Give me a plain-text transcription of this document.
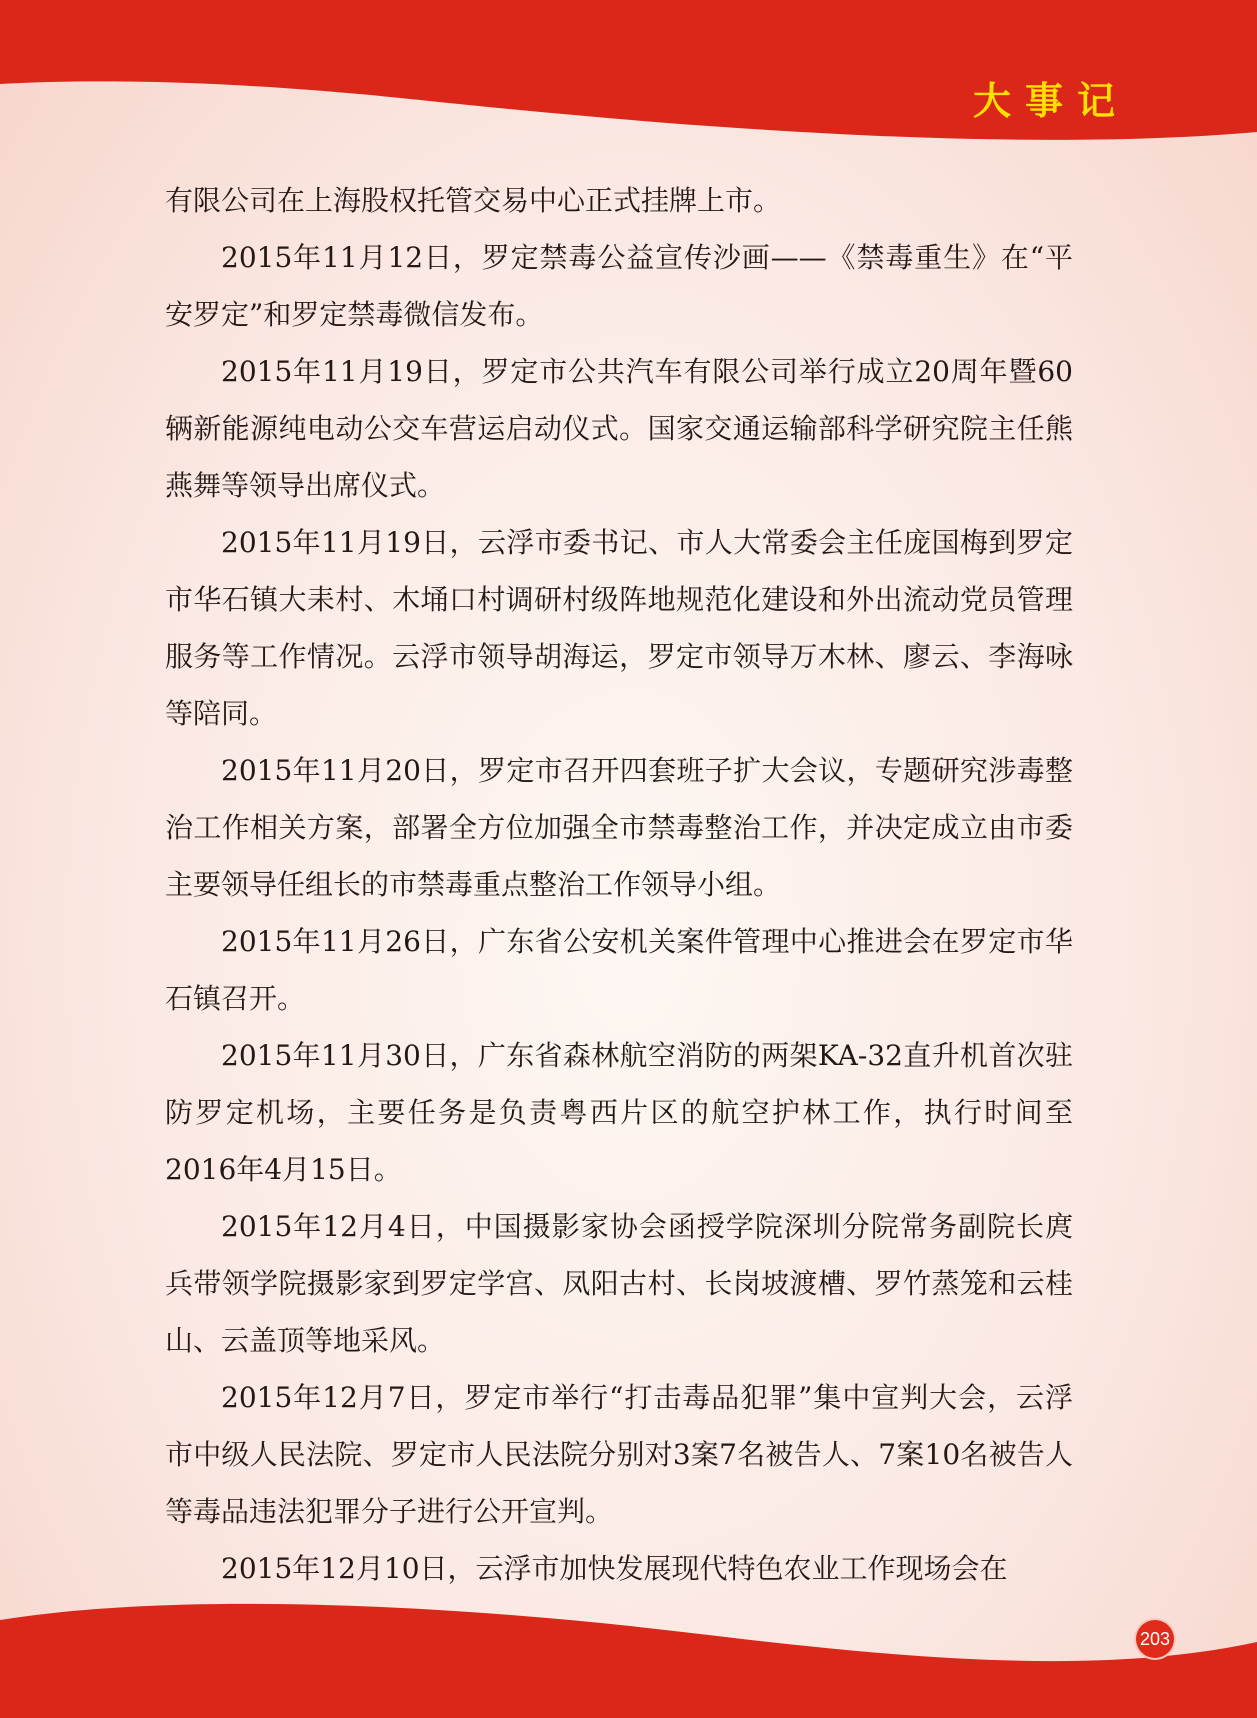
大事记

有限公司在上海股权托管交易中心正式挂牌上市。

2015年11月12日，罗定禁毒公益宣传沙画——《禁毒重生》在“平安罗定”和罗定禁毒微信发布。

2015年11月19日，罗定市公共汽车有限公司举行成立20周年暨60辆新能源纯电动公交车营运启动仪式。国家交通运输部科学研究院主任熊燕舞等领导出席仪式。

2015年11月19日，云浮市委书记、市人大常委会主任庞国梅到罗定市华石镇大耒村、木埇口村调研村级阵地规范化建设和外出流动党员管理服务等工作情况。云浮市领导胡海运，罗定市领导万木林、廖云、李海咏等陪同。

2015年11月20日，罗定市召开四套班子扩大会议，专题研究涉毒整治工作相关方案，部署全方位加强全市禁毒整治工作，并决定成立由市委主要领导任组长的市禁毒重点整治工作领导小组。

2015年11月26日，广东省公安机关案件管理中心推进会在罗定市华石镇召开。

2015年11月30日，广东省森林航空消防的两架KA-32直升机首次驻防罗定机场，主要任务是负责粤西片区的航空护林工作，执行时间至2016年4月15日。

2015年12月4日，中国摄影家协会函授学院深圳分院常务副院长庹兵带领学院摄影家到罗定学宫、凤阳古村、长岗坡渡槽、罗竹蒸笼和云桂山、云盖顶等地采风。

2015年12月7日，罗定市举行“打击毒品犯罪”集中宣判大会，云浮市中级人民法院、罗定市人民法院分别对3案7名被告人、7案10名被告人等毒品违法犯罪分子进行公开宣判。

2015年12月10日，云浮市加快发展现代特色农业工作现场会在

203
